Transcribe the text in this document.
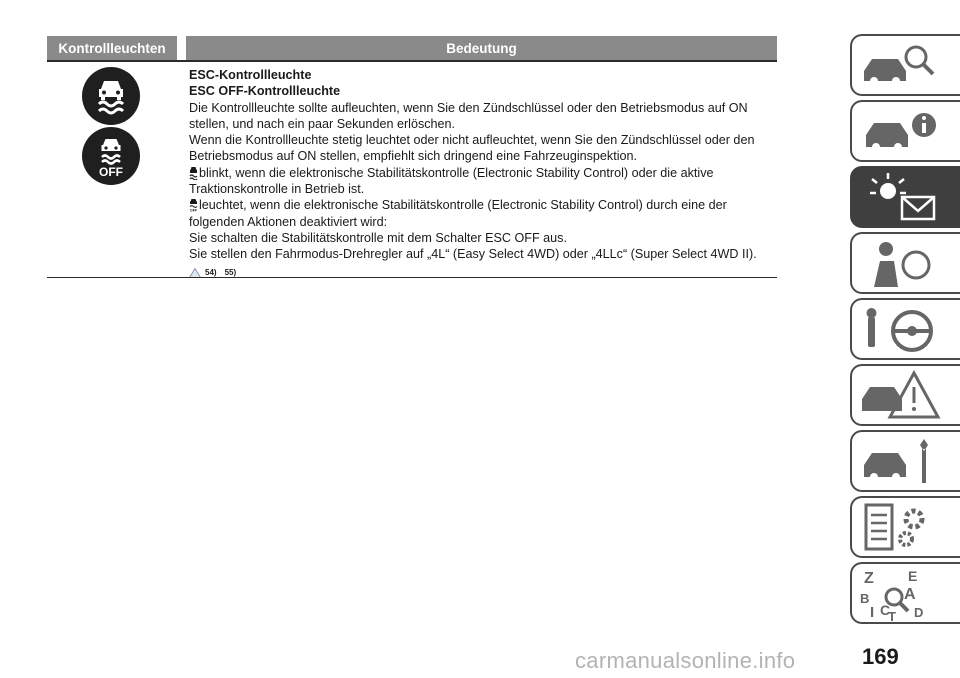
Kontrollleuchten	Bedeutung
OFF
ESC-Kontrollleuchte
ESC OFF-Kontrollleuchte

Die Kontrollleuchte sollte aufleuchten, wenn Sie den Zündschlüssel oder den Betriebsmodus auf ON stellen, und nach ein paar Sekunden erlöschen.

Wenn die Kontrollleuchte stetig leuchtet oder nicht aufleuchtet, wenn Sie den Zündschlüssel oder den Betriebsmodus auf ON stellen, empfiehlt sich dringend eine Fahrzeuginspektion.

blinkt, wenn die elektronische Stabilitätskontrolle (Electronic Stability Control) oder die aktive Traktionskontrolle in Betrieb ist.

OFF leuchtet, wenn die elektronische Stabilitätskontrolle (Electronic Stability Control) durch eine der folgenden Aktionen deaktiviert wird:

Sie schalten die Stabilitätskontrolle mit dem Schalter ESC OFF aus.

Sie stellen den Fahrmodus-Drehregler auf „4L“ (Easy Select 4WD) oder „4LLc“ (Super Select 4WD II).

54) 55)
Z E
B A
C D
I T
carmanualsonline.info	169
